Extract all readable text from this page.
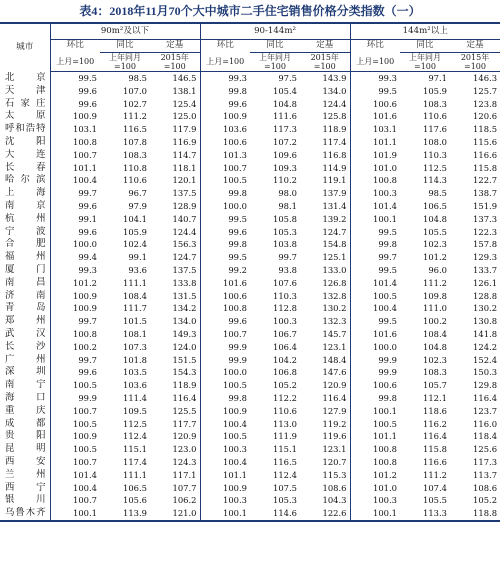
表4：2018年11月70个大中城市二手住宅销售价格分类指数（一）
城市	90m²及以下			90-144m²			144m²以上		
	环比	同比	定基	环比	同比	定基	环比	同比	定基
	上月=100	上年同月=100	2015年=100	上月=100	上年同月=100	2015年=100	上月=100	上年同月=100	2015年=100
北京	99.5	98.5	146.5	99.3	97.5	143.9	99.3	97.1	146.3
天津	99.6	107.0	138.1	99.8	105.4	134.0	99.5	105.9	125.7
石家庄	99.6	102.7	125.4	99.6	104.8	124.4	100.6	108.3	123.8
太原	100.9	111.2	125.0	100.9	111.6	125.8	101.6	110.6	120.6
呼和浩特	103.1	116.5	117.9	103.6	117.3	118.9	103.1	117.6	118.5
沈阳	100.8	107.8	116.9	100.6	107.2	117.4	101.1	108.0	115.6
大连	100.7	108.3	114.7	101.3	109.6	116.8	101.9	110.3	116.6
长春	101.1	110.8	118.1	100.7	109.3	114.9	101.0	112.5	115.8
哈尔滨	100.4	110.6	120.1	100.5	110.2	119.1	100.8	114.3	122.7
上海	99.7	96.7	137.5	99.8	98.0	137.9	100.3	98.5	138.7
南京	99.6	97.9	128.9	100.0	98.1	131.4	101.4	106.5	151.9
杭州	99.1	104.1	140.7	99.5	105.8	139.2	100.1	104.8	137.3
宁波	99.6	105.9	124.4	99.6	105.3	124.7	99.5	105.5	122.3
合肥	100.0	102.4	156.3	99.8	103.8	154.8	99.8	102.3	157.8
福州	99.4	99.1	124.7	99.5	99.7	125.1	99.7	101.2	129.3
厦门	99.3	93.6	137.5	99.2	93.8	133.0	99.5	96.0	133.7
南昌	101.2	111.1	133.8	101.6	107.6	126.8	101.4	111.2	126.1
济南	100.9	108.4	131.5	100.6	110.3	132.8	100.5	109.8	128.8
青岛	100.9	111.7	134.2	100.8	112.8	130.2	100.4	111.0	130.2
郑州	99.7	101.5	134.0	99.6	100.3	132.3	99.5	100.2	130.8
武汉	100.8	108.1	149.3	100.7	106.7	145.7	101.6	108.4	141.8
长沙	100.2	107.3	124.0	99.9	106.4	123.1	100.0	104.8	124.2
广州	99.7	101.8	151.5	99.9	104.2	148.4	99.9	102.3	152.4
深圳	99.6	103.5	154.3	100.0	106.8	147.6	99.9	108.3	150.3
南宁	100.5	103.6	118.9	100.5	105.2	120.9	100.6	105.7	129.8
海口	99.9	111.4	116.4	99.8	112.2	116.4	99.8	112.1	116.4
重庆	100.7	109.5	125.5	100.9	110.6	127.9	100.1	118.6	123.7
成都	100.5	112.5	117.7	100.4	113.0	119.2	100.5	116.2	116.0
贵阳	100.9	112.4	120.9	100.5	111.9	119.6	101.1	116.4	118.4
昆明	100.5	115.1	123.0	100.3	115.1	123.1	100.8	115.8	125.6
西安	100.7	117.4	124.3	100.4	116.5	120.7	100.8	116.6	117.3
兰州	101.4	111.1	117.1	101.1	112.4	115.3	101.2	111.2	113.7
西宁	100.4	106.5	107.7	100.9	107.5	108.6	101.0	107.4	108.6
银川	100.7	105.6	106.2	100.3	105.3	104.3	100.3	105.5	105.2
乌鲁木齐	100.1	113.9	121.0	100.1	114.6	122.6	100.1	113.3	118.8
